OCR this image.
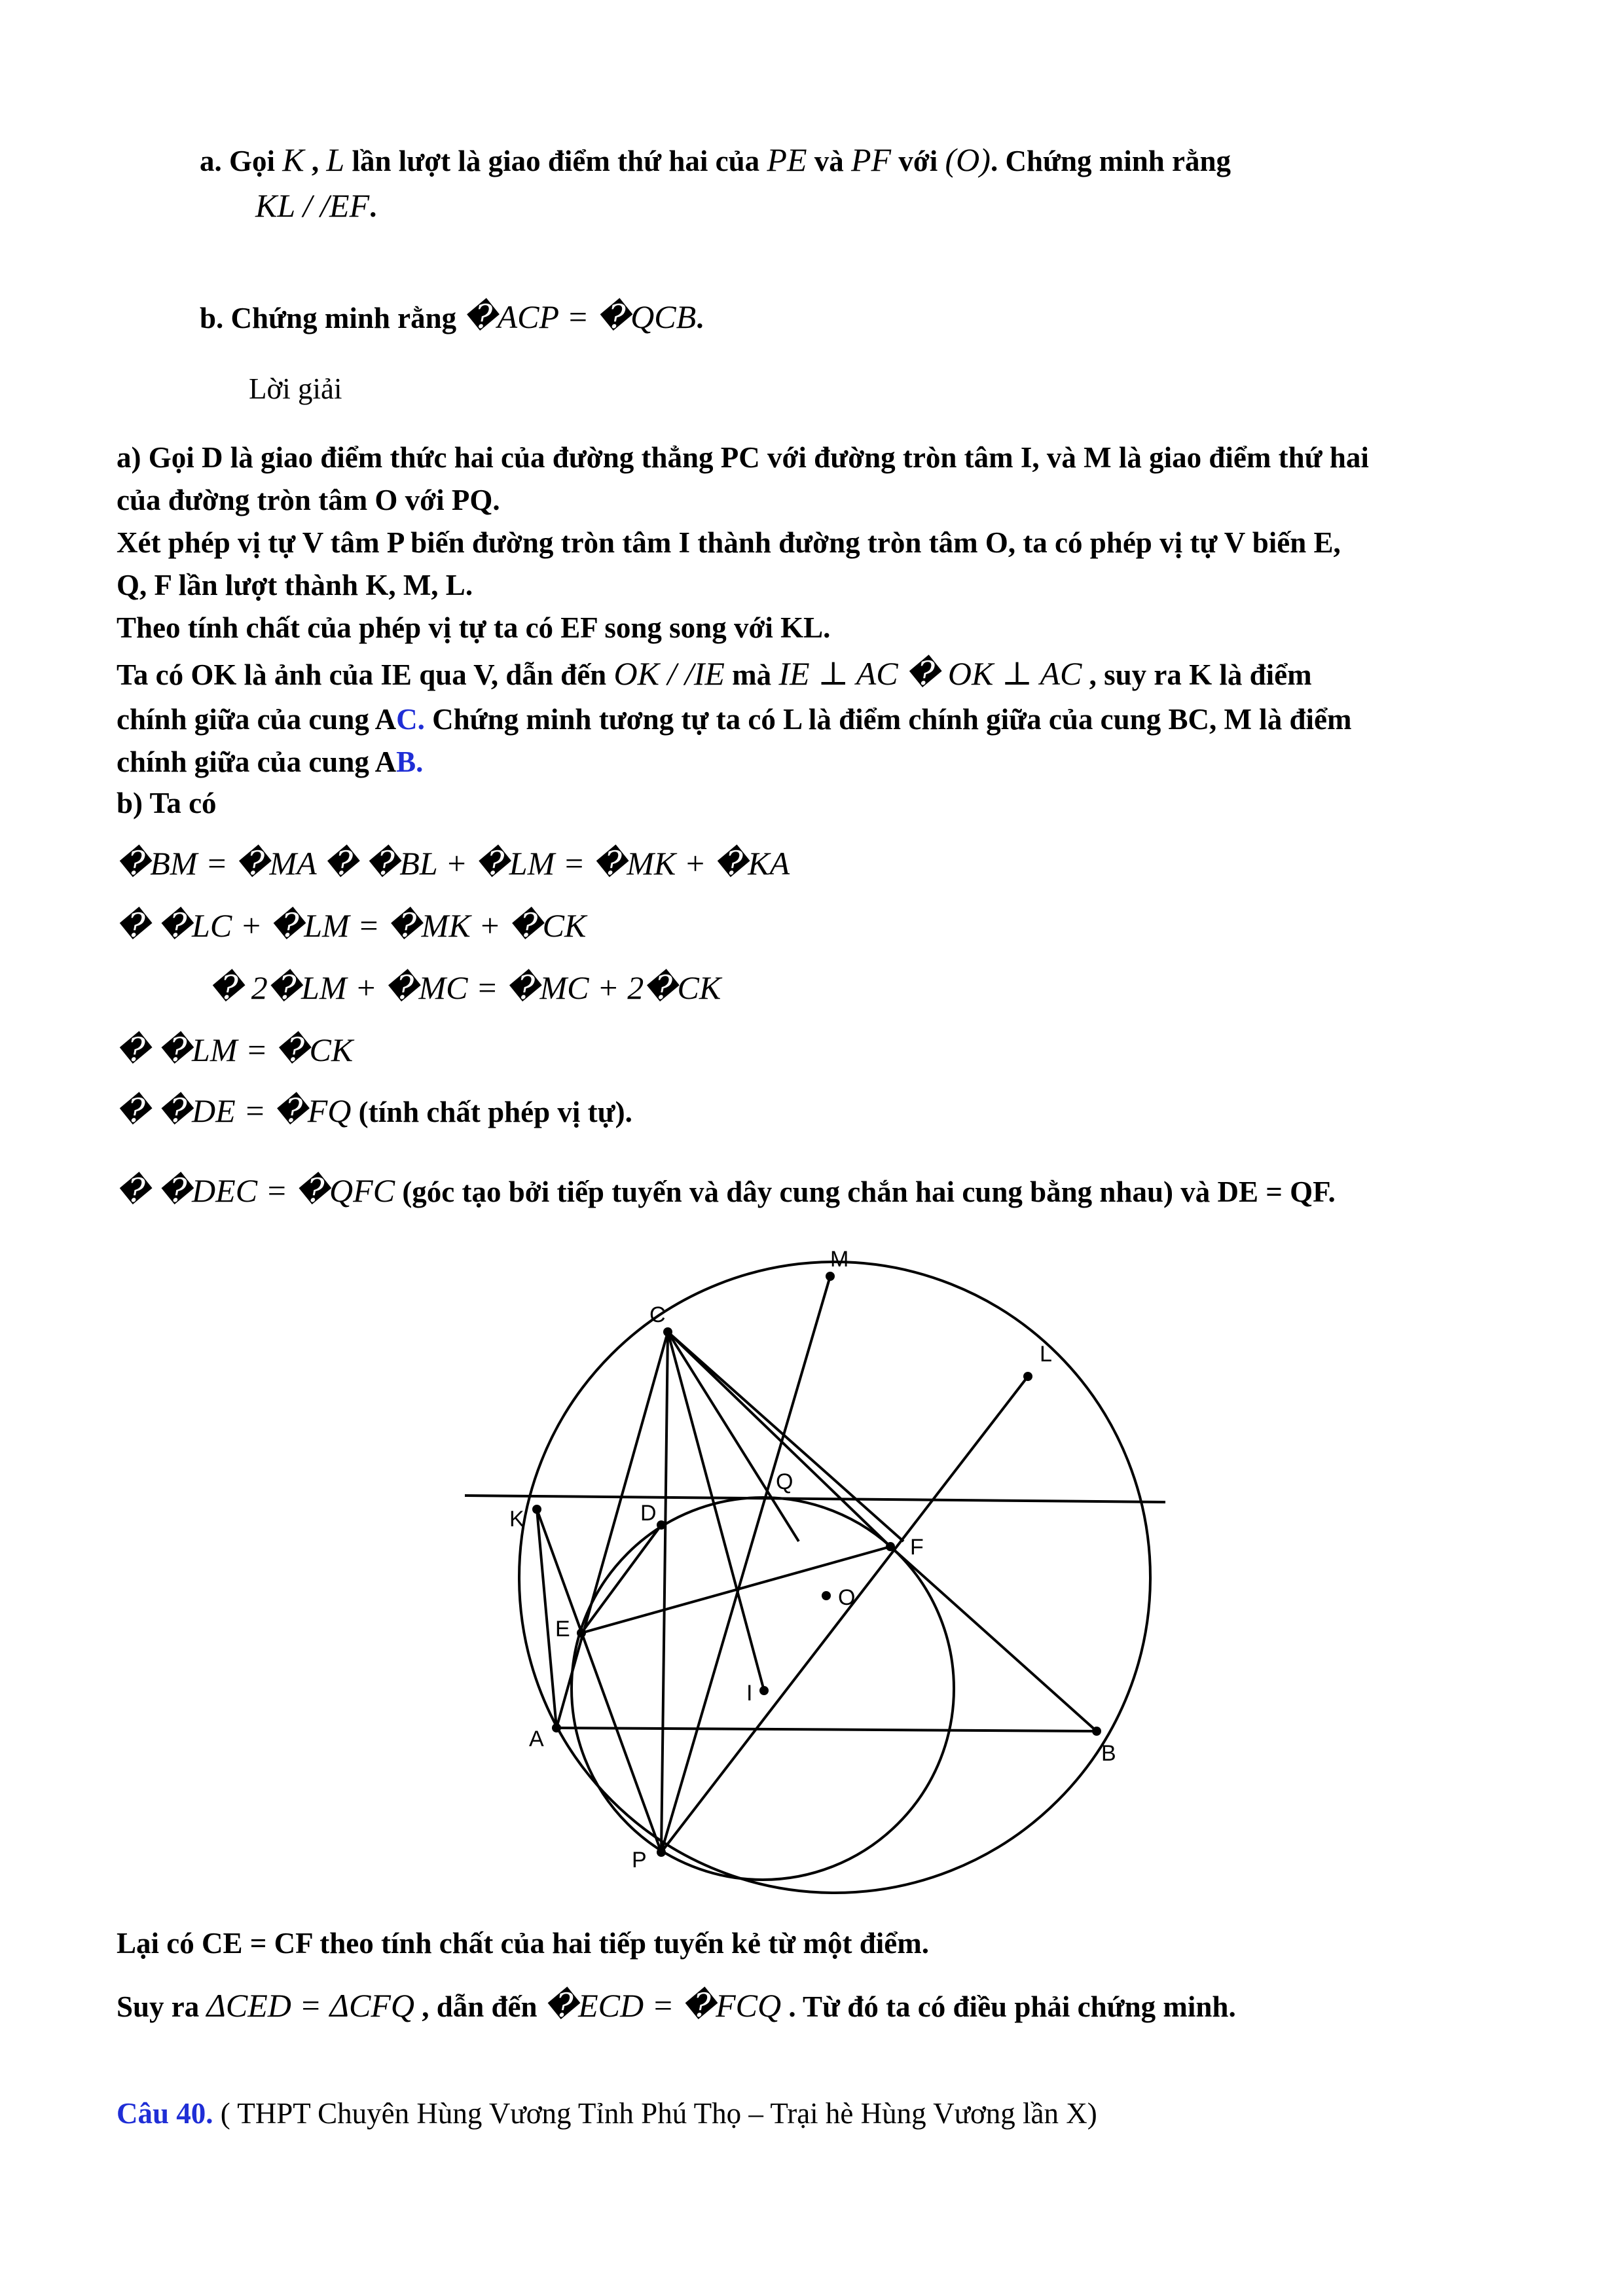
a. Gọi K , L lần lượt là giao điểm thứ hai của PE và PF với (O). Chứng minh rằng
KL / /EF.
b. Chứng minh rằng �ACP = �QCB.
Lời giải
a) Gọi D là giao điểm thức hai của đường thẳng PC với đường tròn tâm I, và M là giao điểm thứ hai
của đường tròn tâm O với PQ.
Xét phép vị tự V tâm P biến đường tròn tâm I thành đường tròn tâm O, ta có phép vị tự V biến E,
Q, F lần lượt thành K, M, L.
Theo tính chất của phép vị tự ta có EF song song với KL.
Ta có OK là ảnh của IE qua V, dẫn đến OK / /IE mà IE ⊥ AC � OK ⊥ AC , suy ra K là điểm
chính giữa của cung AC. Chứng minh tương tự ta có L là điểm chính giữa của cung BC, M là điểm
chính giữa của cung AB.
b) Ta có
�BM = �MA � �BL + �LM = �MK + �KA
� �LC + �LM = �MK + �CK
� 2�LM + �MC = �MC + 2�CK
� �LM = �CK
� �DE = �FQ (tính chất phép vị tự).
� �DEC = �QFC (góc tạo bởi tiếp tuyến và dây cung chắn hai cung bằng nhau) và DE = QF.
M
C
L
Q
K	D
F
O
E
I
A
B
P
Lại có CE = CF theo tính chất của hai tiếp tuyến kẻ từ một điểm.
Suy ra ΔCED = ΔCFQ , dẫn đến �ECD = �FCQ . Từ đó ta có điều phải chứng minh.
Câu 40. ( THPT Chuyên Hùng Vương Tỉnh Phú Thọ – Trại hè Hùng Vương lần X)
